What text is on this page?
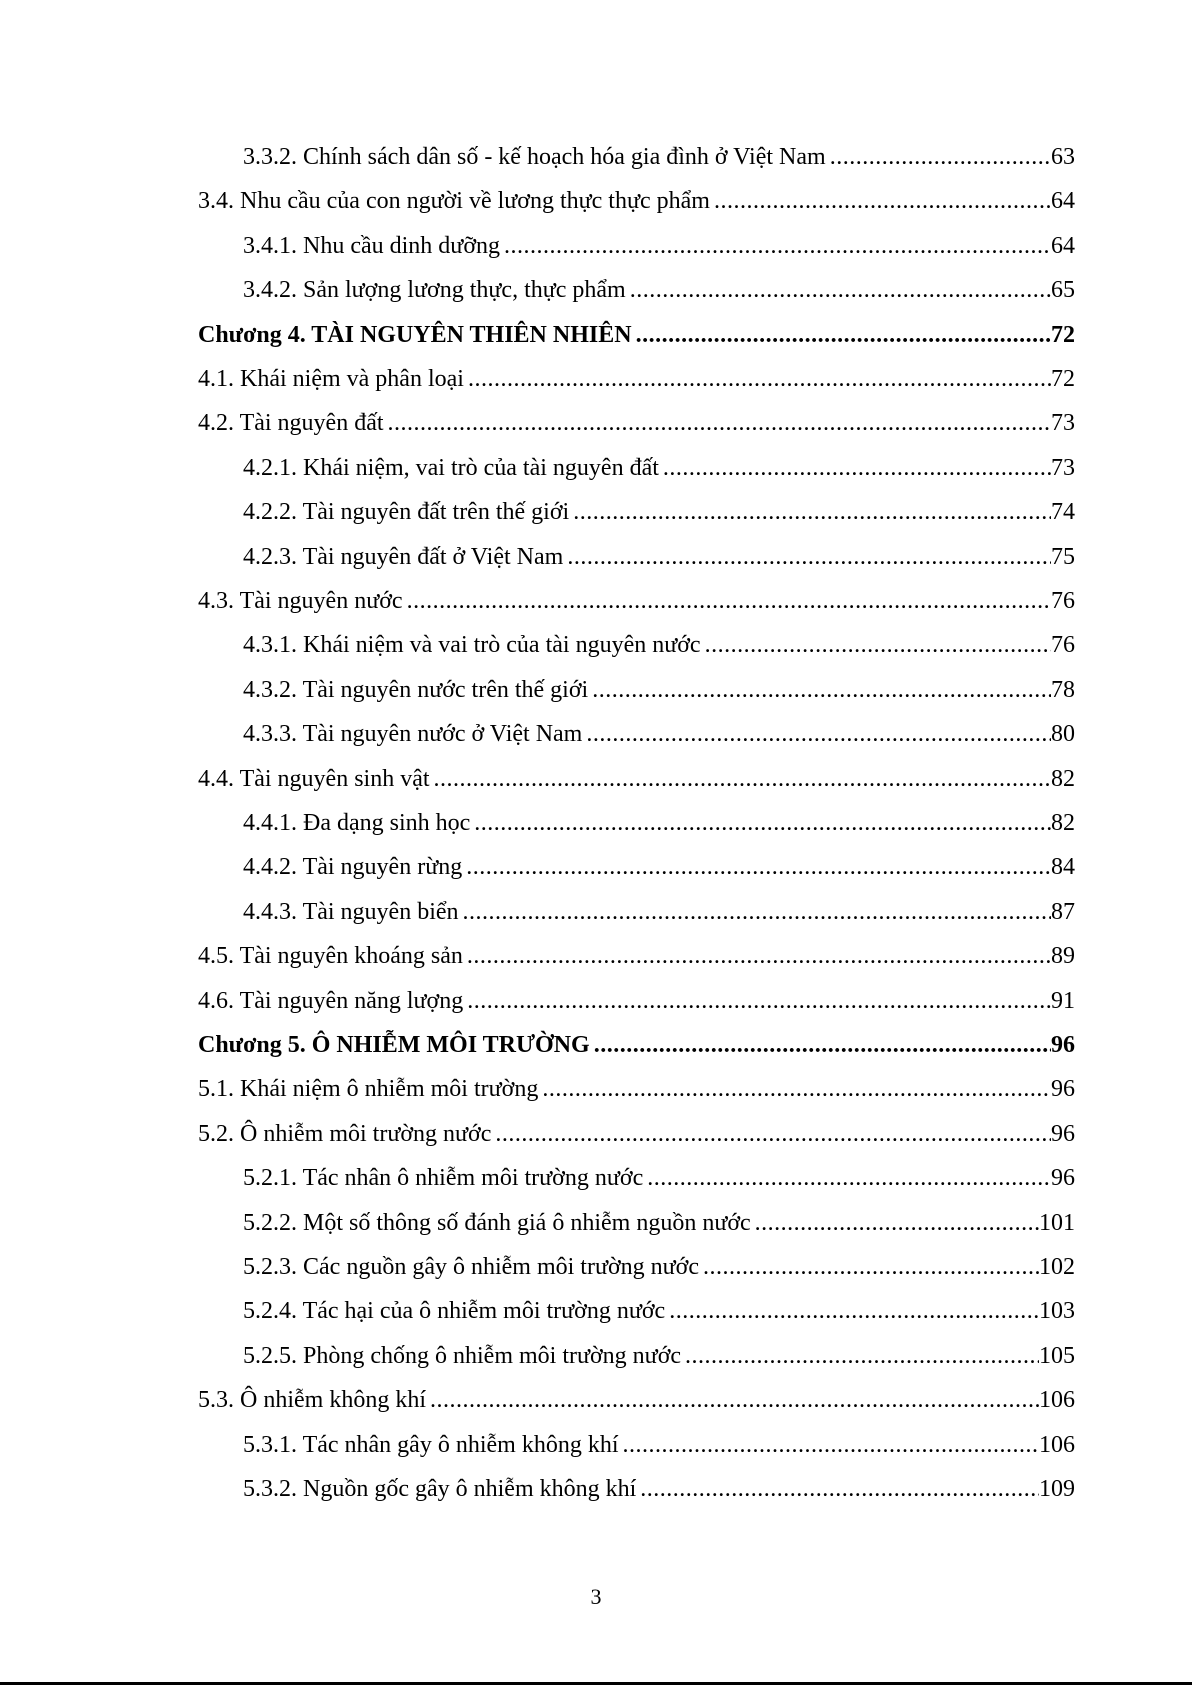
3.3.2. Chính sách dân số - kế hoạch hóa gia đình ở Việt Nam .....	63
3.4. Nhu cầu của con người về lương thực thực phẩm .....	64
3.4.1. Nhu cầu dinh dưỡng .....	64
3.4.2. Sản lượng lương thực, thực phẩm .....	65
Chương 4. TÀI NGUYÊN THIÊN NHIÊN .....	72
4.1. Khái niệm và phân loại .....	72
4.2. Tài nguyên đất .....	73
4.2.1. Khái niệm, vai trò của tài nguyên đất .....	73
4.2.2. Tài nguyên đất trên thế giới .....	74
4.2.3. Tài nguyên đất ở Việt Nam .....	75
4.3. Tài nguyên nước .....	76
4.3.1. Khái niệm và vai trò của tài nguyên nước .....	76
4.3.2. Tài nguyên nước trên thế giới .....	78
4.3.3. Tài nguyên nước ở Việt Nam .....	80
4.4. Tài nguyên sinh vật .....	82
4.4.1. Đa dạng sinh học .....	82
4.4.2. Tài nguyên rừng .....	84
4.4.3. Tài nguyên biển .....	87
4.5. Tài nguyên khoáng sản .....	89
4.6. Tài nguyên năng lượng .....	91
Chương 5. Ô NHIỄM MÔI TRƯỜNG .....	96
5.1. Khái niệm ô nhiễm môi trường .....	96
5.2. Ô nhiễm môi trường nước .....	96
5.2.1. Tác nhân ô nhiễm môi trường nước .....	96
5.2.2. Một số thông số đánh giá ô nhiễm nguồn nước .....	101
5.2.3. Các nguồn gây ô nhiễm môi trường nước .....	102
5.2.4. Tác hại của ô nhiễm môi trường nước .....	103
5.2.5. Phòng chống ô nhiễm môi trường nước .....	105
5.3. Ô nhiễm không khí .....	106
5.3.1. Tác nhân gây ô nhiễm không khí .....	106
5.3.2. Nguồn gốc gây ô nhiễm không khí .....	109
3
